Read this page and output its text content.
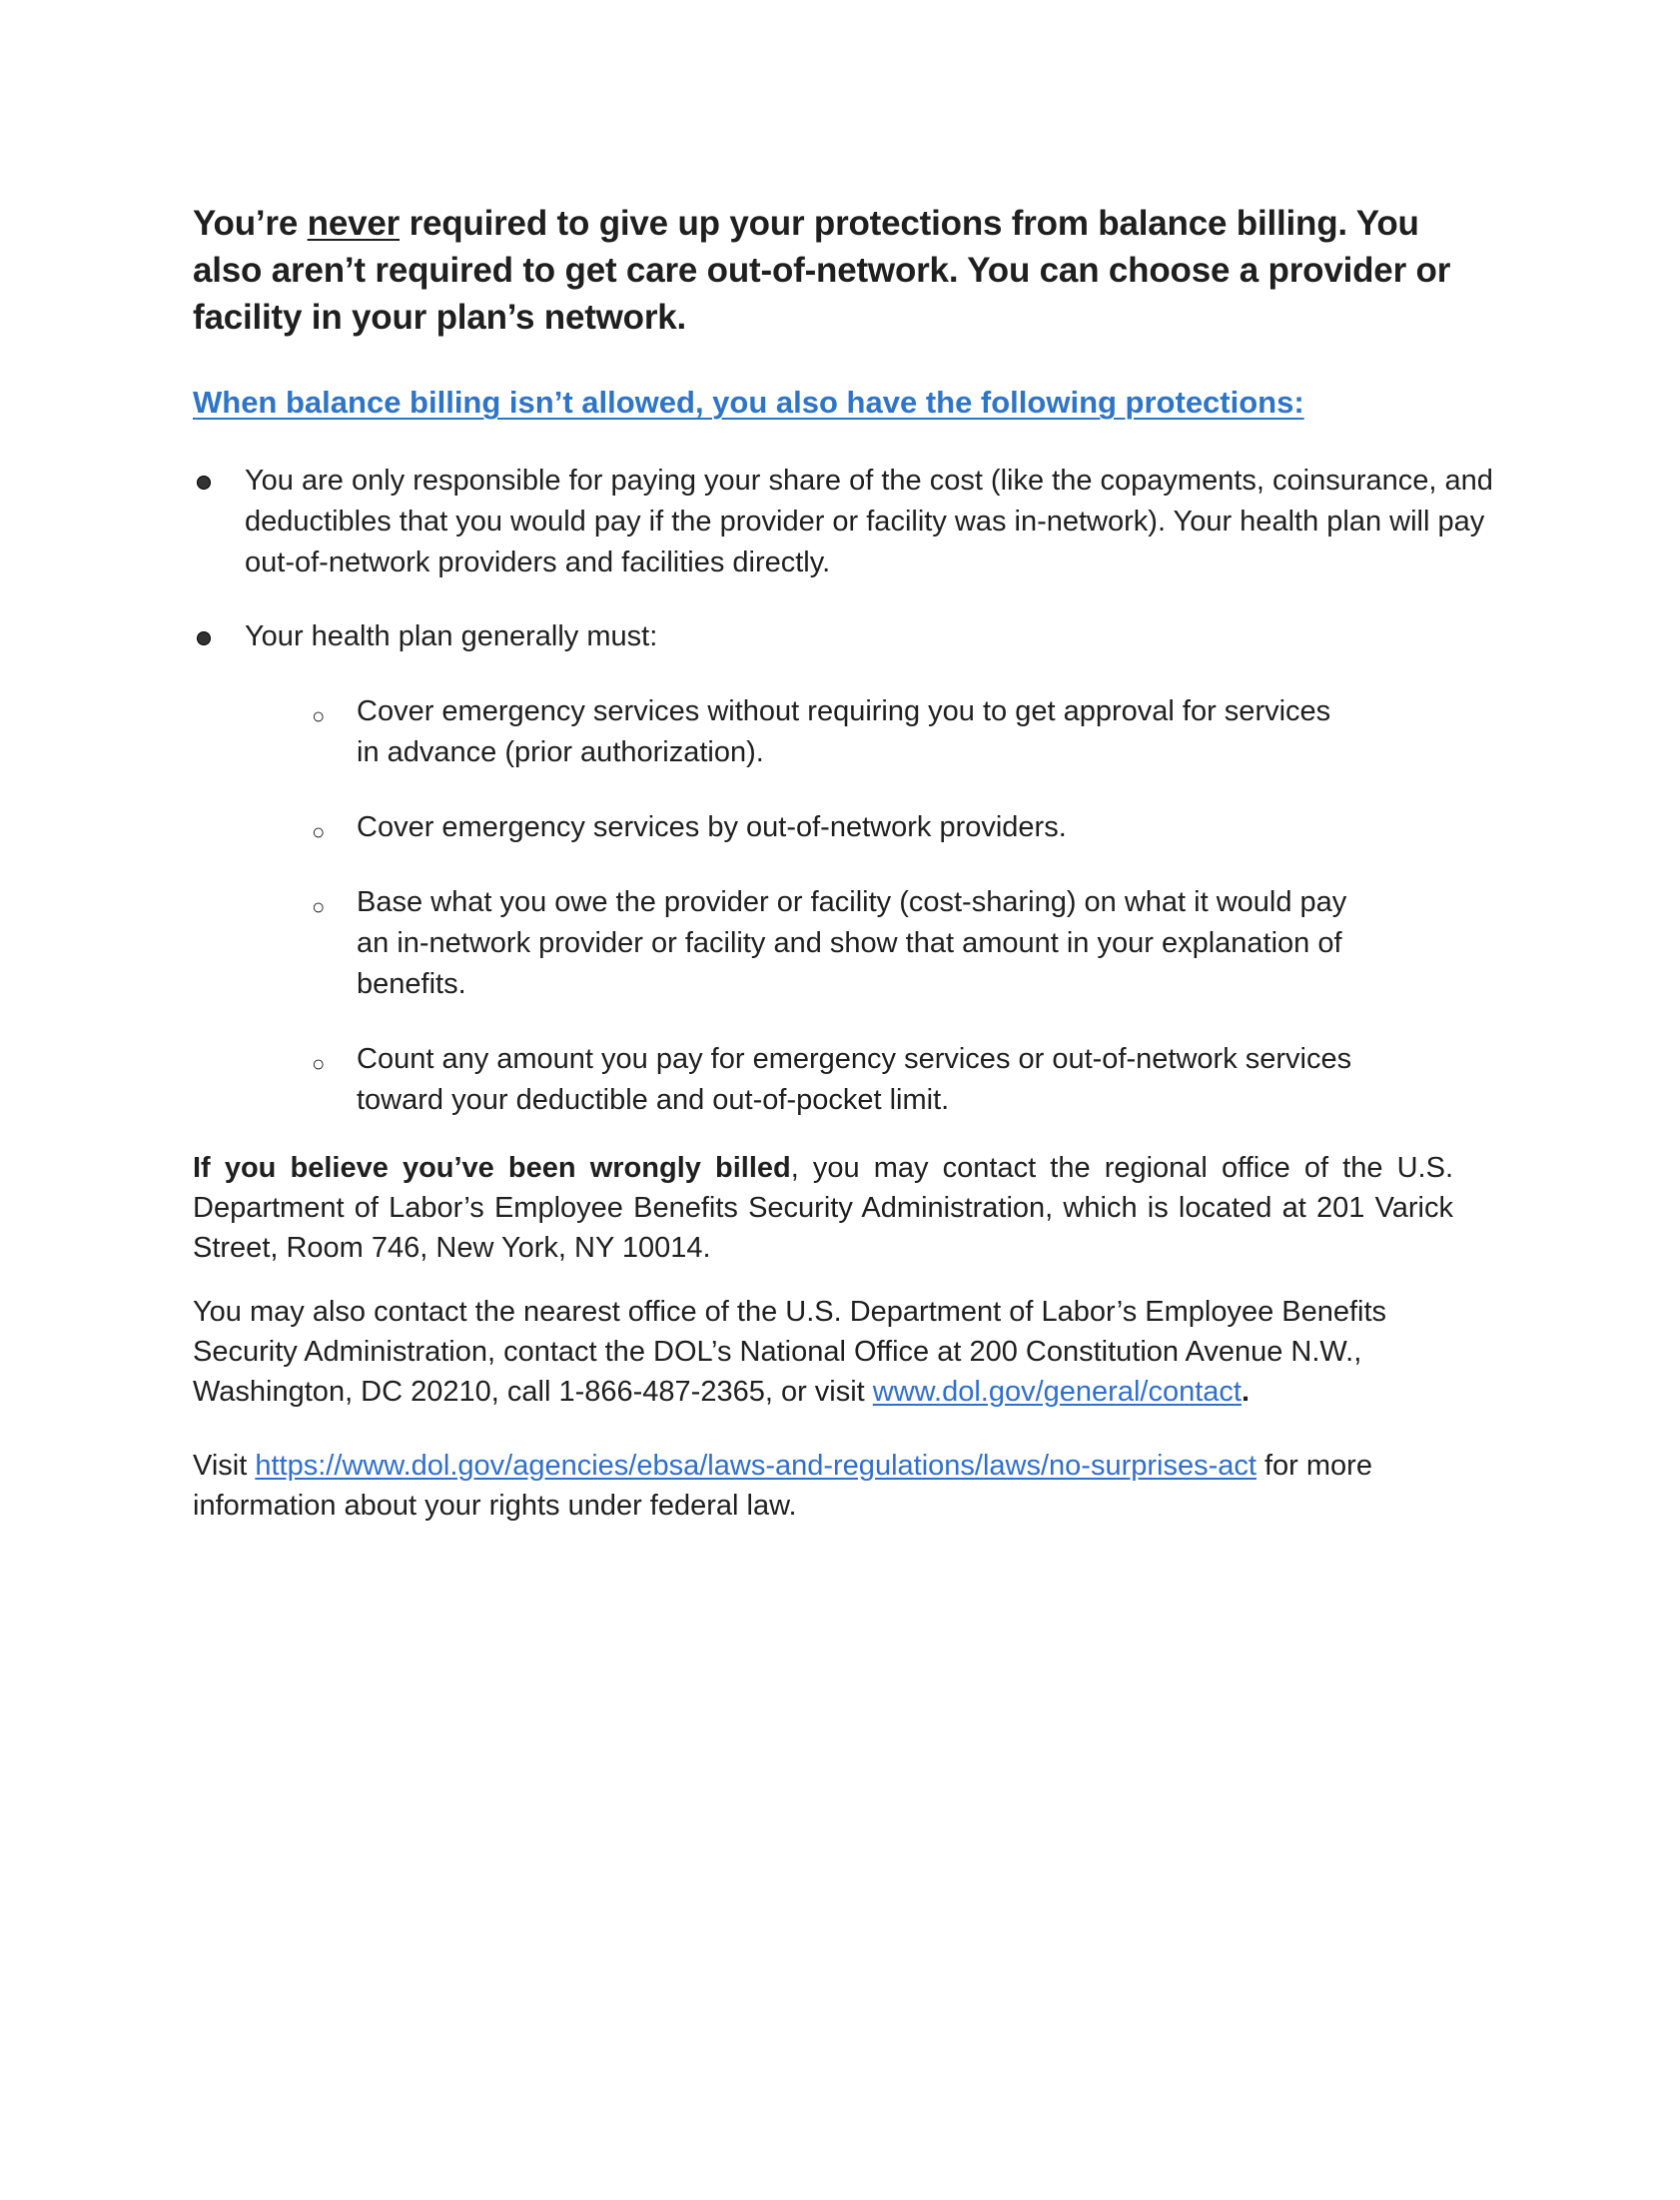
You’re never required to give up your protections from balance billing. You also aren’t required to get care out-of-network. You can choose a provider or facility in your plan’s network.

When balance billing isn’t allowed, you also have the following protections:
You are only responsible for paying your share of the cost (like the copayments, coinsurance, and deductibles that you would pay if the provider or facility was in-network). Your health plan will pay out-of-network providers and facilities directly.
Your health plan generally must:
○ Cover emergency services without requiring you to get approval for services in advance (prior authorization).
○ Cover emergency services by out-of-network providers.
○ Base what you owe the provider or facility (cost-sharing) on what it would pay an in-network provider or facility and show that amount in your explanation of benefits.
○ Count any amount you pay for emergency services or out-of-network services toward your deductible and out-of-pocket limit.

If you believe you’ve been wrongly billed, you may contact the regional office of the U.S. Department of Labor’s Employee Benefits Security Administration, which is located at 201 Varick Street, Room 746, New York, NY 10014.

You may also contact the nearest office of the U.S. Department of Labor’s Employee Benefits Security Administration, contact the DOL’s National Office at 200 Constitution Avenue N.W., Washington, DC 20210, call 1-866-487-2365, or visit www.dol.gov/general/contact.

Visit https://www.dol.gov/agencies/ebsa/laws-and-regulations/laws/no-surprises-act for more information about your rights under federal law.
